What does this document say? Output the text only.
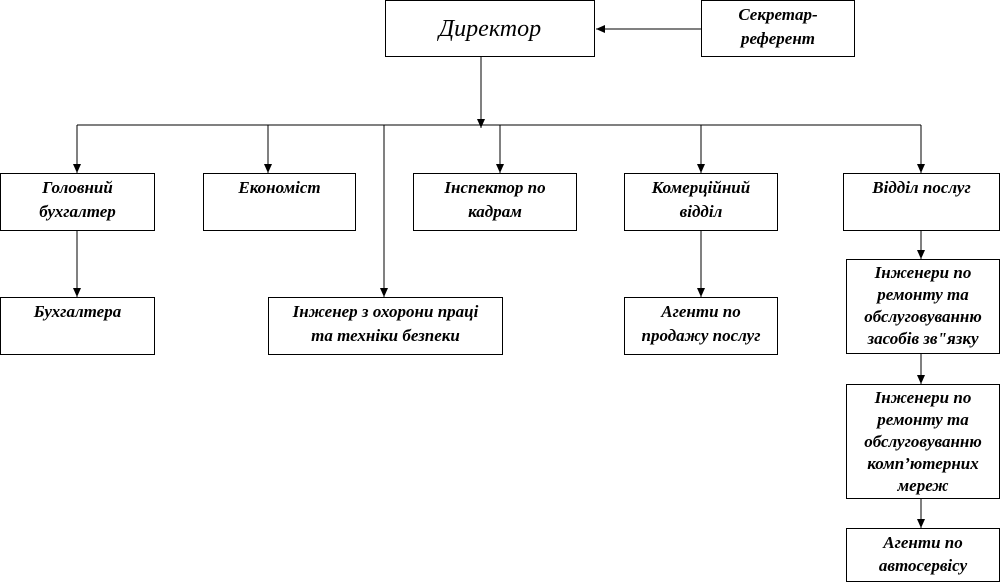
Директор
Секретар-
референт
Головний
бухгалтер
Економіст	Інспектор по
кадрам
Комерційний
відділ
Відділ послуг
Бухгалтера	Інженер з охорони праці
та техніки безпеки
Агенти по
продажу послуг
Інженери по
ремонту та
обслуговуванню
засобів зв"язку
Інженери по
ремонту та
обслуговуванню
комп’ютерних
мереж
Агенти по
автосервісу
